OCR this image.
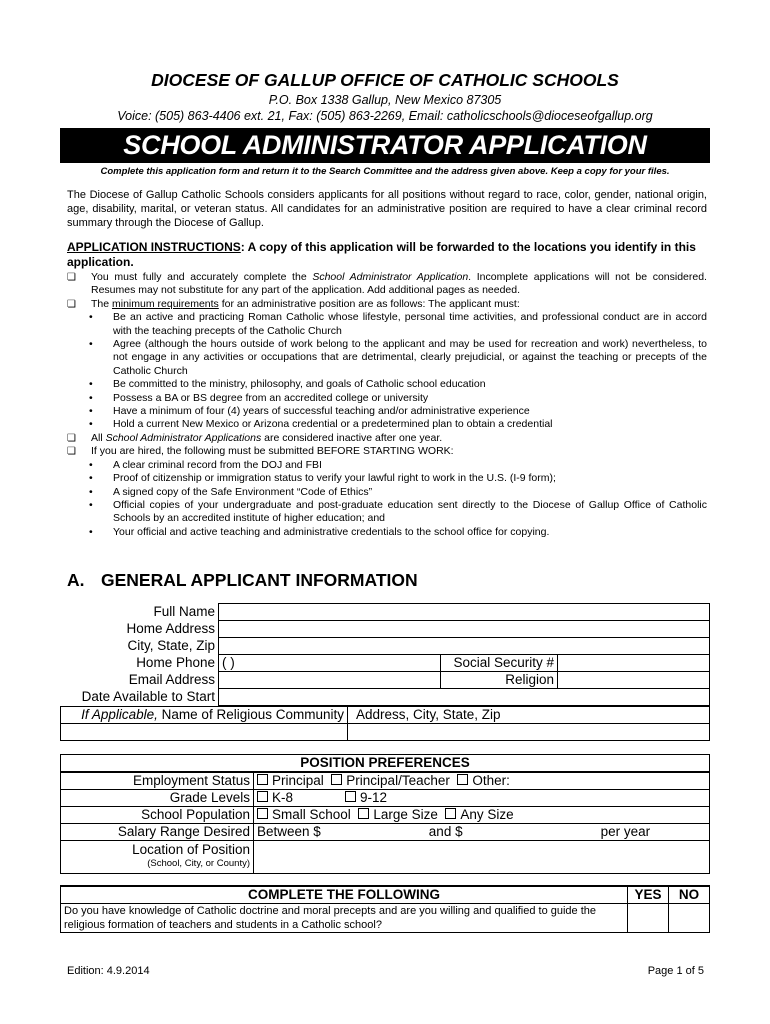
DIOCESE OF GALLUP OFFICE OF CATHOLIC SCHOOLS
P.O. Box 1338 Gallup, New Mexico 87305
Voice: (505) 863-4406 ext. 21, Fax: (505) 863-2269, Email: catholicschools@dioceseofgallup.org
SCHOOL ADMINISTRATOR APPLICATION
Complete this application form and return it to the Search Committee and the address given above. Keep a copy for your files.
The Diocese of Gallup Catholic Schools considers applicants for all positions without regard to race, color, gender, national origin, age, disability, marital, or veteran status. All candidates for an administrative position are required to have a clear criminal record summary through the Diocese of Gallup.
APPLICATION INSTRUCTIONS: A copy of this application will be forwarded to the locations you identify in this application.
❏ You must fully and accurately complete the School Administrator Application. Incomplete applications will not be considered. Resumes may not substitute for any part of the application. Add additional pages as needed.
❏ The minimum requirements for an administrative position are as follows: The applicant must:
• Be an active and practicing Roman Catholic whose lifestyle, personal time activities, and professional conduct are in accord with the teaching precepts of the Catholic Church
• Agree (although the hours outside of work belong to the applicant and may be used for recreation and work) nevertheless, to not engage in any activities or occupations that are detrimental, clearly prejudicial, or against the teaching or precepts of the Catholic Church
• Be committed to the ministry, philosophy, and goals of Catholic school education
• Possess a BA or BS degree from an accredited college or university
• Have a minimum of four (4) years of successful teaching and/or administrative experience
• Hold a current New Mexico or Arizona credential or a predetermined plan to obtain a credential
❏ All School Administrator Applications are considered inactive after one year.
❏ If you are hired, the following must be submitted BEFORE STARTING WORK:
• A clear criminal record from the DOJ and FBI
• Proof of citizenship or immigration status to verify your lawful right to work in the U.S. (I-9 form);
• A signed copy of the Safe Environment “Code of Ethics”
• Official copies of your undergraduate and post-graduate education sent directly to the Diocese of Gallup Office of Catholic Schools by an accredited institute of higher education; and
• Your official and active teaching and administrative credentials to the school office for copying.
A. GENERAL APPLICANT INFORMATION
Full Name			
Home Address			
City, State, Zip			
Home Phone	( )	Social Security #	
Email Address		Religion	
Date Available to Start			
If Applicable, Name of Religious Community	Address, City, State, Zip

POSITION PREFERENCES	
Employment Status	Principal Principal/Teacher Other:
Grade Levels	K-8 9-12
School Population	Small School Large Size Any Size
Salary Range Desired	Between $ and $ per year

Location of Position
(School, City, or County)	

COMPLETE THE FOLLOWING	YES	NO
Do you have knowledge of Catholic doctrine and moral precepts and are you willing and qualified to guide the religious formation of teachers and students in a Catholic school?		
Edition: 4.9.2014	Page 1 of 5
